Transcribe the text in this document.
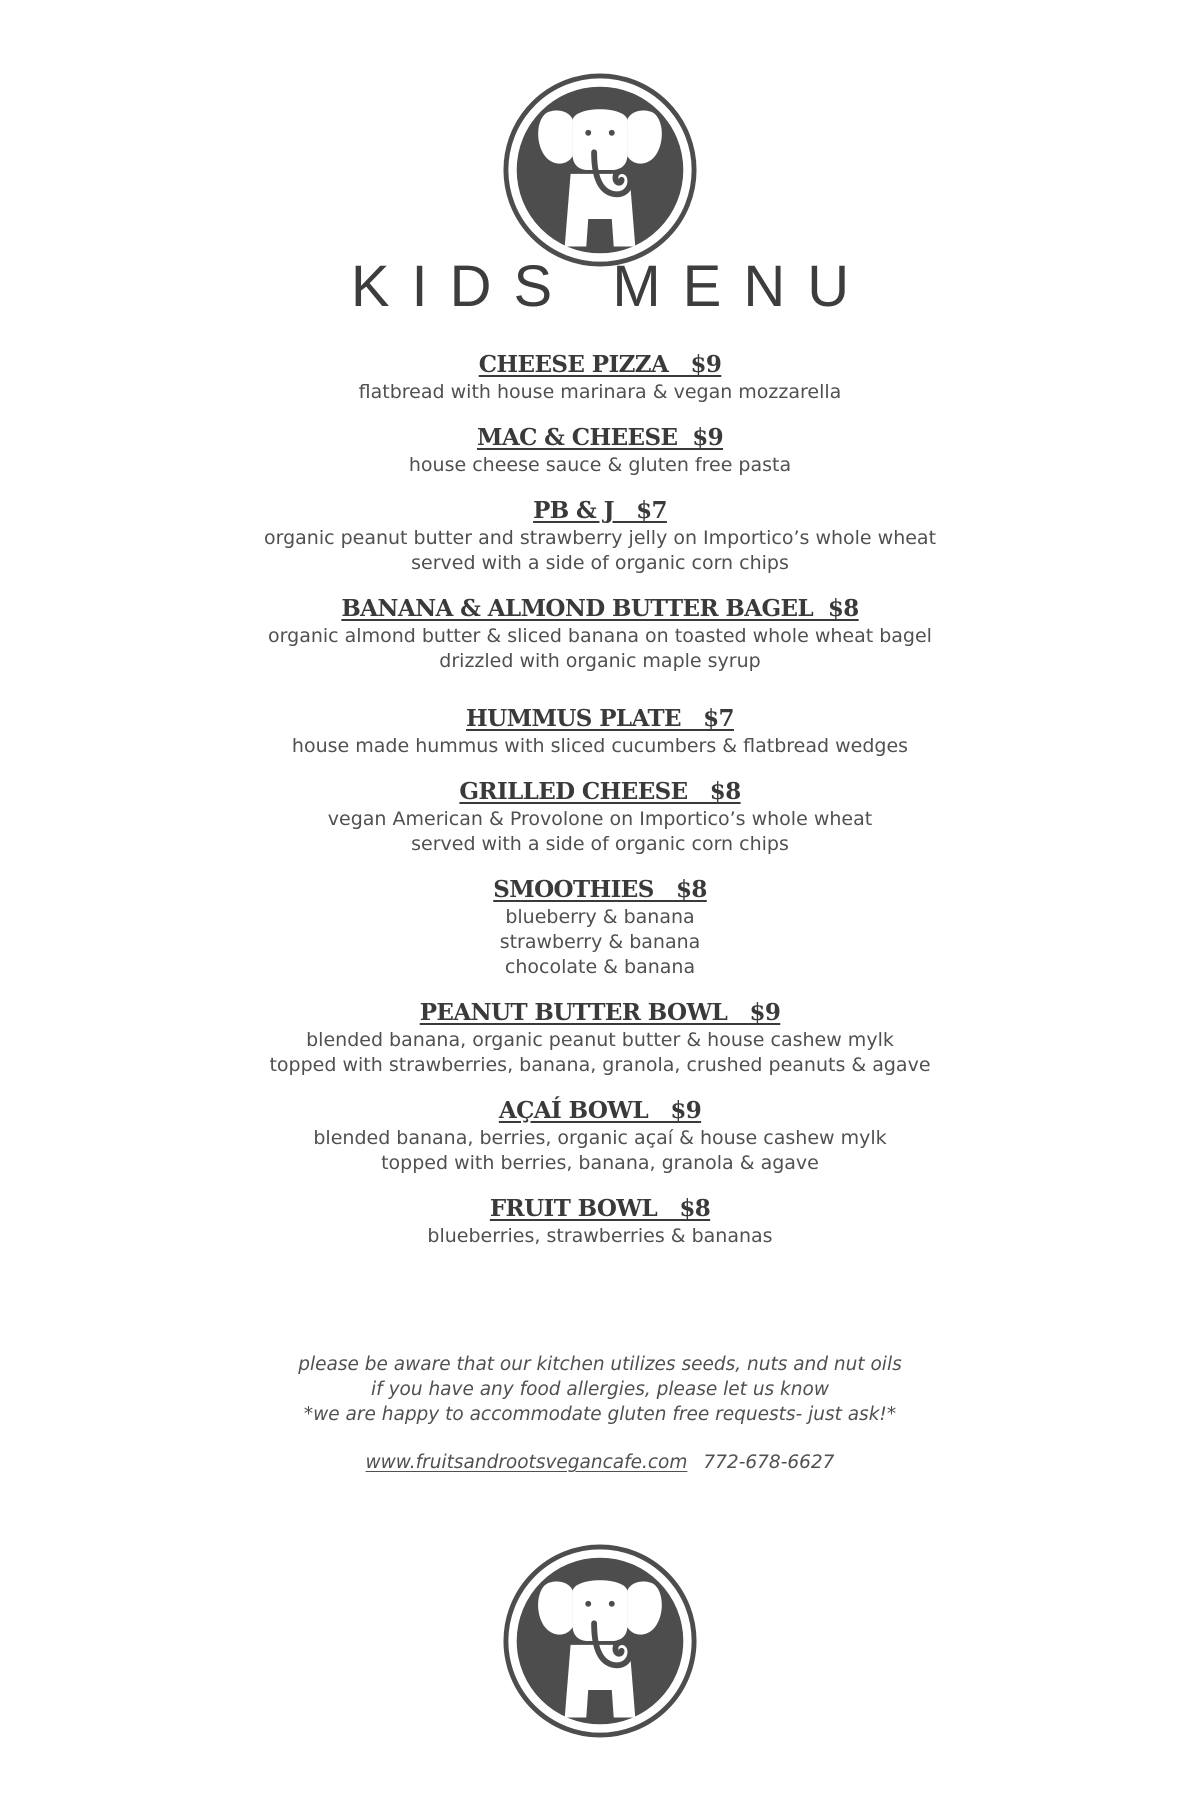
KIDS MENU
CHEESE PIZZA   $9
flatbread with house marinara & vegan mozzarella
MAC & CHEESE  $9
house cheese sauce & gluten free pasta
PB & J   $7
organic peanut butter and strawberry jelly on Importico’s whole wheat
served with a side of organic corn chips
BANANA & ALMOND BUTTER BAGEL  $8
organic almond butter & sliced banana on toasted whole wheat bagel
drizzled with organic maple syrup
HUMMUS PLATE   $7
house made hummus with sliced cucumbers & flatbread wedges
GRILLED CHEESE   $8
vegan American & Provolone on Importico’s whole wheat
served with a side of organic corn chips
SMOOTHIES   $8
blueberry & banana
strawberry & banana
chocolate & banana
PEANUT BUTTER BOWL   $9
blended banana, organic peanut butter & house cashew mylk
topped with strawberries, banana, granola, crushed peanuts & agave
AÇAÍ BOWL   $9
blended banana, berries, organic açaí & house cashew mylk
topped with berries, banana, granola & agave
FRUIT BOWL   $8
blueberries, strawberries & bananas
please be aware that our kitchen utilizes seeds, nuts and nut oils
if you have any food allergies, please let us know
*we are happy to accommodate gluten free requests- just ask!*
www.fruitsandrootsvegancafe.com 772-678-6627
